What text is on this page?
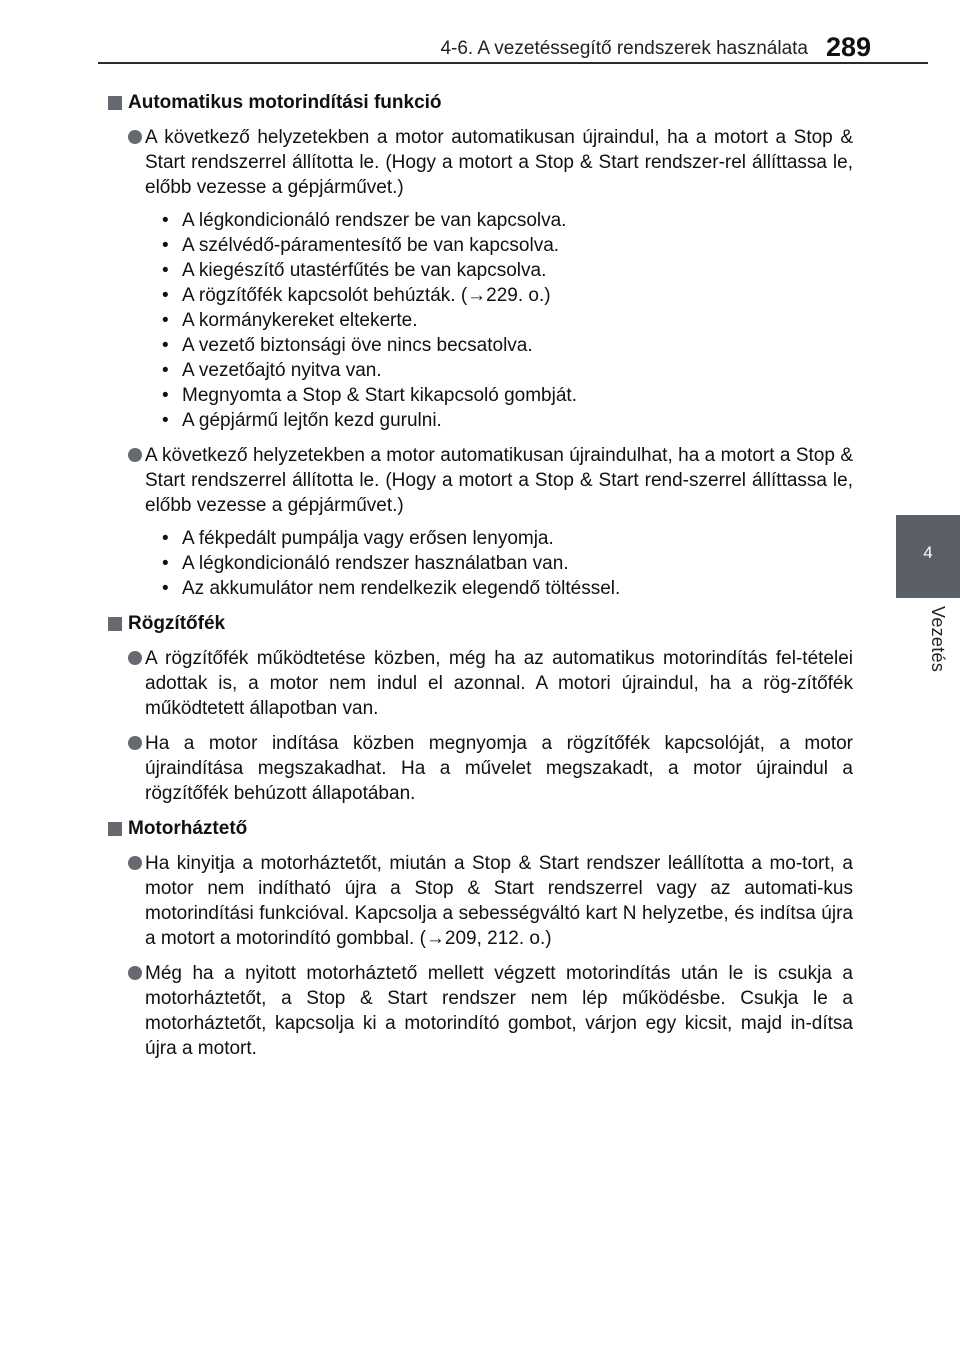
4-6. A vezetéssegítő rendszerek használata 289
4
Vezetés
Automatikus motorindítási funkció
A következő helyzetekben a motor automatikusan újraindul, ha a motort a Stop & Start rendszerrel állította le. (Hogy a motort a Stop & Start rendszer-rel állíttassa le, előbb vezesse a gépjárművet.)
• A légkondicionáló rendszer be van kapcsolva.
• A szélvédő-páramentesítő be van kapcsolva.
• A kiegészítő utastérfűtés be van kapcsolva.
• A rögzítőfék kapcsolót behúzták. (→229. o.)
• A kormánykereket eltekerte.
• A vezető biztonsági öve nincs becsatolva.
• A vezetőajtó nyitva van.
• Megnyomta a Stop & Start kikapcsoló gombját.
• A gépjármű lejtőn kezd gurulni.
A következő helyzetekben a motor automatikusan újraindulhat, ha a motort a Stop & Start rendszerrel állította le. (Hogy a motort a Stop & Start rend-szerrel állíttassa le, előbb vezesse a gépjárművet.)
• A fékpedált pumpálja vagy erősen lenyomja.
• A légkondicionáló rendszer használatban van.
• Az akkumulátor nem rendelkezik elegendő töltéssel.
Rögzítőfék
A rögzítőfék működtetése közben, még ha az automatikus motorindítás fel-tételei adottak is, a motor nem indul el azonnal. A motori újraindul, ha a rög-zítőfék működtetett állapotban van.
Ha a motor indítása közben megnyomja a rögzítőfék kapcsolóját, a motor újraindítása megszakadhat. Ha a művelet megszakadt, a motor újraindul a rögzítőfék behúzott állapotában.
Motorháztető
Ha kinyitja a motorháztetőt, miután a Stop & Start rendszer leállította a mo-tort, a motor nem indítható újra a Stop & Start rendszerrel vagy az automati-kus motorindítási funkcióval. Kapcsolja a sebességváltó kart N helyzetbe, és indítsa újra a motort a motorindító gombbal. (→209, 212. o.)
Még ha a nyitott motorháztető mellett végzett motorindítás után le is csukja a motorháztetőt, a Stop & Start rendszer nem lép működésbe. Csukja le a motorháztetőt, kapcsolja ki a motorindító gombot, várjon egy kicsit, majd in-dítsa újra a motort.
